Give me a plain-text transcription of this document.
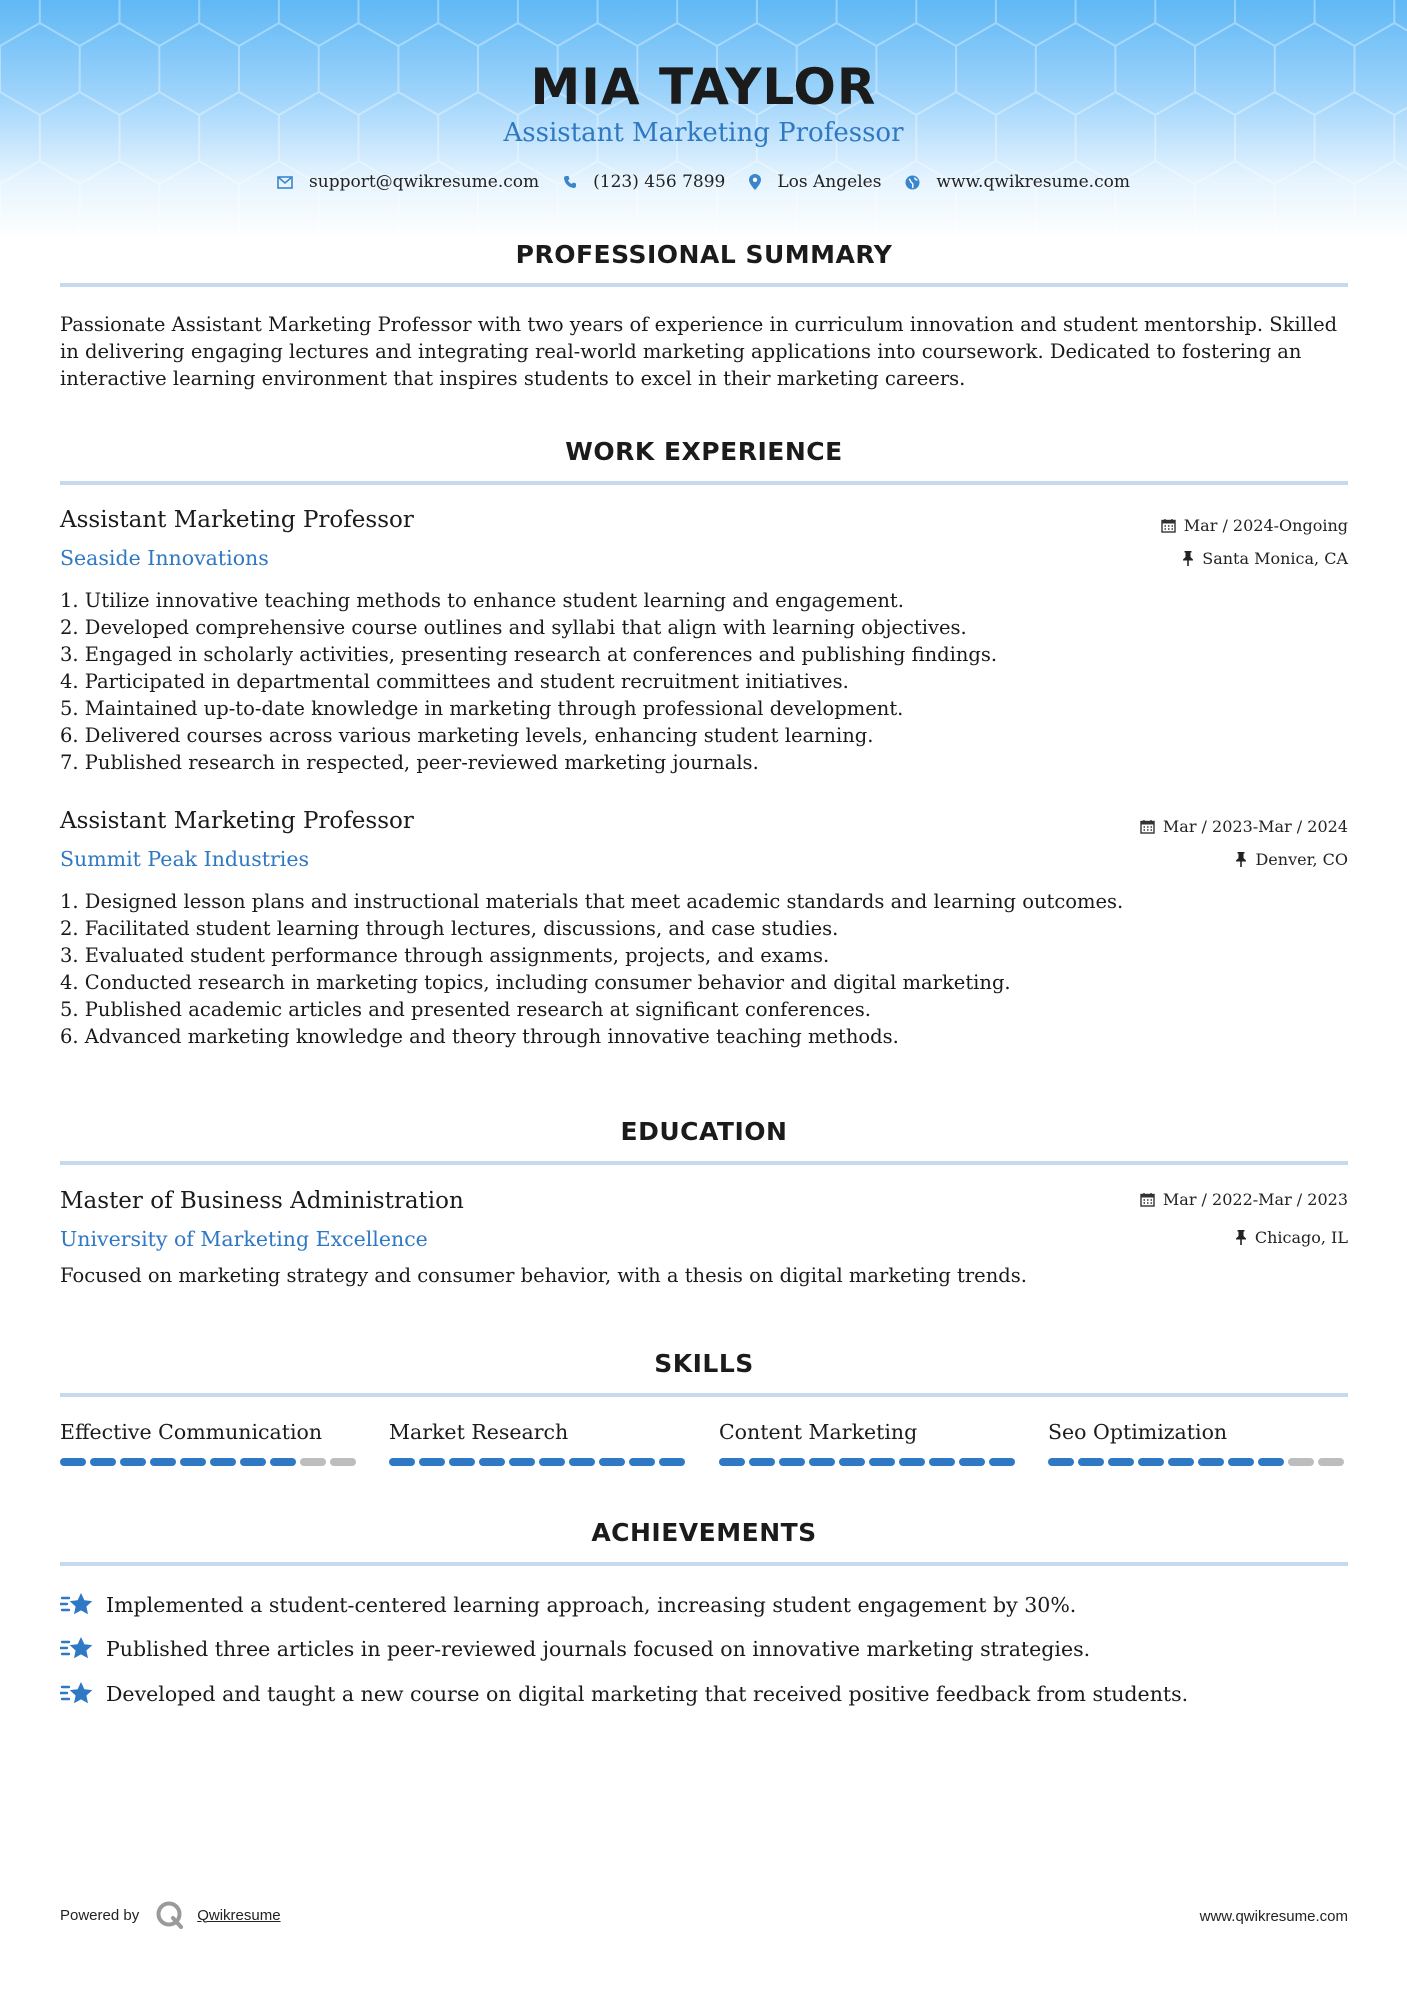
MIA TAYLOR
Assistant Marketing Professor
support@qwikresume.com	(123) 456 7899	Los Angeles	www.qwikresume.com
PROFESSIONAL SUMMARY
Passionate Assistant Marketing Professor with two years of experience in curriculum innovation and student mentorship. Skilled in delivering engaging lectures and integrating real-world marketing applications into coursework. Dedicated to fostering an interactive learning environment that inspires students to excel in their marketing careers.
WORK EXPERIENCE
Assistant Marketing Professor	Mar / 2024-Ongoing
Seaside Innovations	Santa Monica, CA
1. Utilize innovative teaching methods to enhance student learning and engagement.
2. Developed comprehensive course outlines and syllabi that align with learning objectives.
3. Engaged in scholarly activities, presenting research at conferences and publishing findings.
4. Participated in departmental committees and student recruitment initiatives.
5. Maintained up-to-date knowledge in marketing through professional development.
6. Delivered courses across various marketing levels, enhancing student learning.
7. Published research in respected, peer-reviewed marketing journals.
Assistant Marketing Professor	Mar / 2023-Mar / 2024
Summit Peak Industries	Denver, CO
1. Designed lesson plans and instructional materials that meet academic standards and learning outcomes.
2. Facilitated student learning through lectures, discussions, and case studies.
3. Evaluated student performance through assignments, projects, and exams.
4. Conducted research in marketing topics, including consumer behavior and digital marketing.
5. Published academic articles and presented research at significant conferences.
6. Advanced marketing knowledge and theory through innovative teaching methods.
EDUCATION
Master of Business Administration	Mar / 2022-Mar / 2023
University of Marketing Excellence	Chicago, IL
Focused on marketing strategy and consumer behavior, with a thesis on digital marketing trends.
SKILLS
Effective Communication	Market Research	Content Marketing	Seo Optimization
ACHIEVEMENTS
Implemented a student-centered learning approach, increasing student engagement by 30%.
Published three articles in peer-reviewed journals focused on innovative marketing strategies.
Developed and taught a new course on digital marketing that received positive feedback from students.
Powered by	Qwikresume	www.qwikresume.com
